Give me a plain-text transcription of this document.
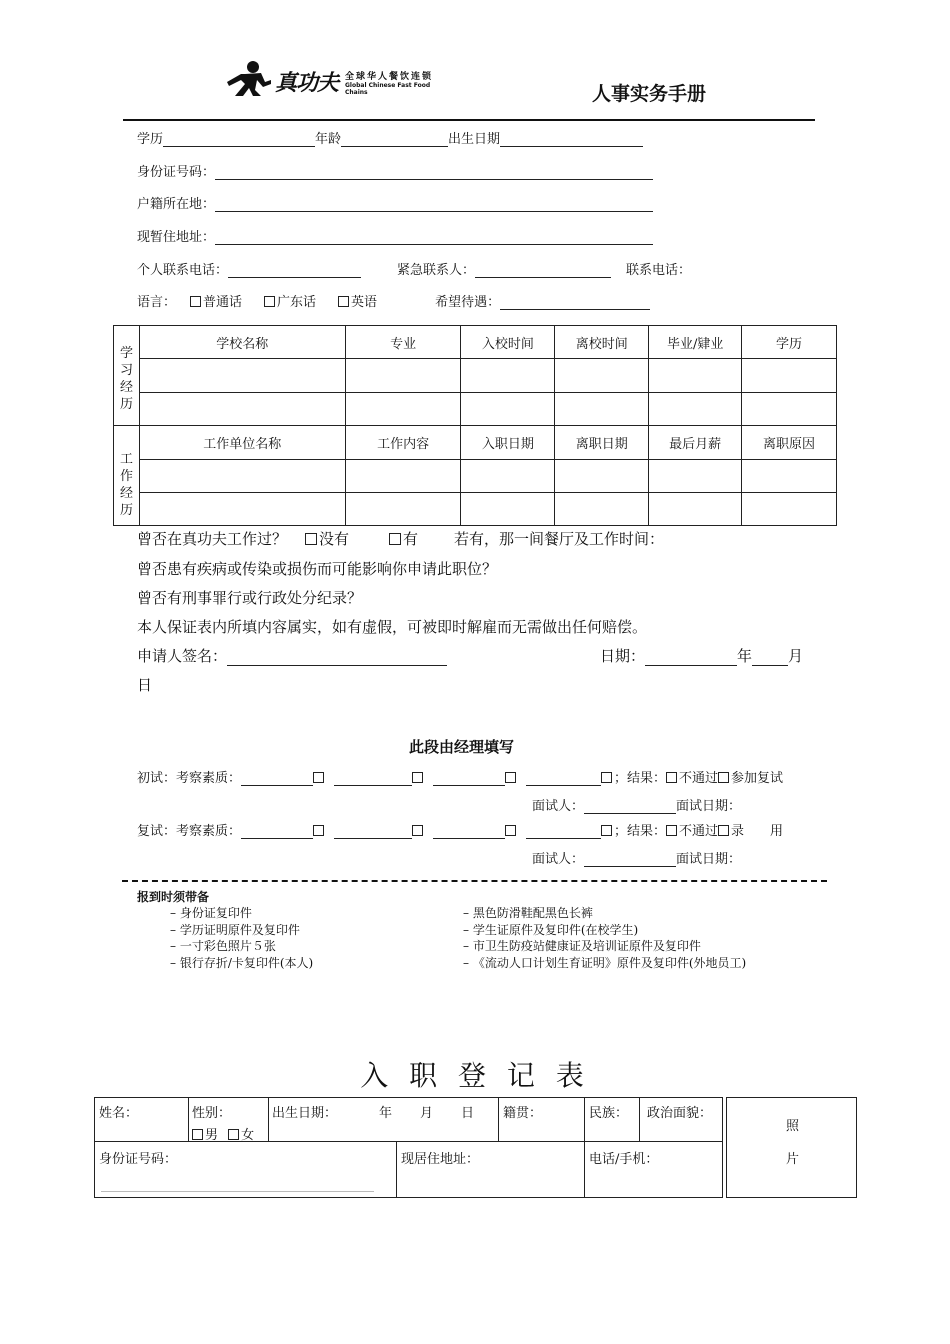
真功夫 全球华人餐饮连锁
Global Chinese Fast Food Chains	人事实务手册
学历	年龄	出生日期
身份证号码：
户籍所在地：
现暂住地址：
个人联系电话：	紧急联系人：	联系电话：
语言： 普通话	广东话	英语	希望待遇：
学习经历	学校名称	专业	入校时间	离校时间	毕业/肄业	学历

工作经历	工作单位名称	工作内容	入职日期	离职日期	最后月薪	离职原因

曾否在真功夫工作过？ 没有	有 若有，那一间餐厅及工作时间：
曾否患有疾病或传染或损伤而可能影响你申请此职位？
曾否有刑事罪行或行政处分纪录？
本人保证表内所填内容属实，如有虚假，可被即时解雇而无需做出任何赔偿。
申请人签名：	日期：	年 月
日
此段由经理填写
初试：考察素质：	；结果： 不通过 参加复试
面试人：	面试日期：
复试：考察素质：	；结果： 不通过 录　　用
面试人：	面试日期：
报到时须带备
– 身份证复印件
– 学历证明原件及复印件
– 一寸彩色照片５张
– 银行存折/卡复印件(本人)
– 黑色防滑鞋配黑色长裤
– 学生证原件及复印件(在校学生)
– 市卫生防疫站健康证及培训证原件及复印件
– 《流动人口计划生育证明》原件及复印件(外地员工)
入 职 登 记 表
姓名：	性别：
男 女
出生日期：	年 月 日 籍贯：	民族： 政治面貌：
照
片
身份证号码：	现居住地址：	电话/手机：
